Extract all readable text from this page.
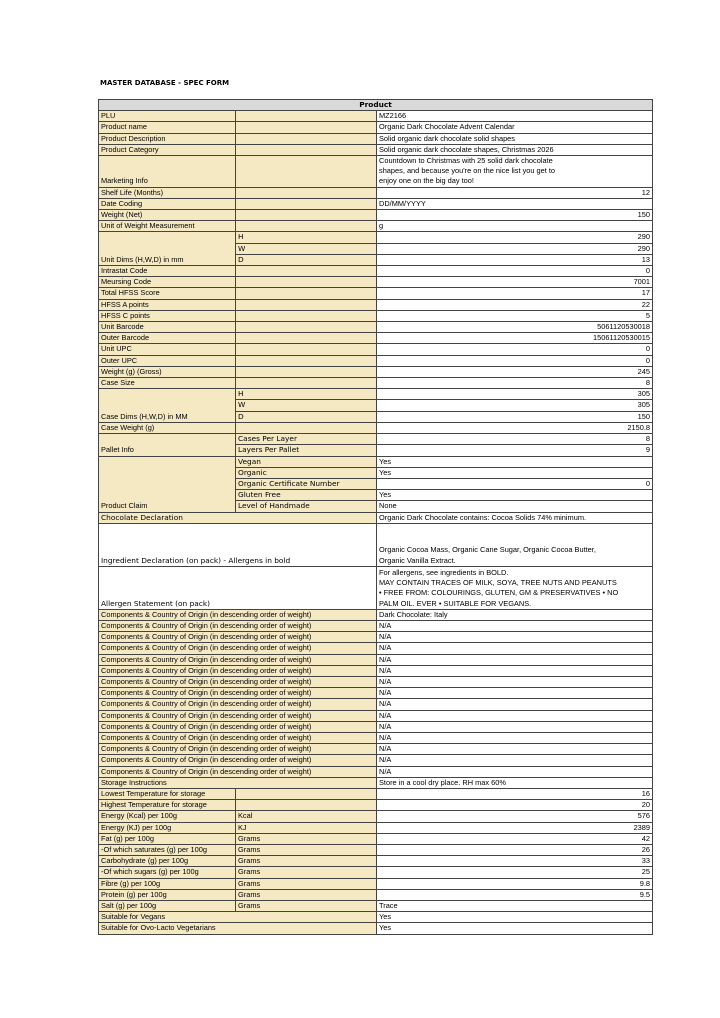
MASTER DATABASE - SPEC FORM
Product		
PLU		MZ2166
Product name		Organic Dark Chocolate Advent Calendar
Product Description		Solid organic dark chocolate solid shapes
Product Category		Solid organic dark chocolate shapes, Christmas 2026
Marketing Info		Countdown to Christmas with 25 solid dark chocolate
shapes, and because you're on the nice list you get to
enjoy one on the big day too!

Shelf Life (Months)		12
Date Coding		DD/MM/YYYY
Weight (Net)		150
Unit of Weight Measurement		g
Unit Dims (H,W,D) in mm	H	290
	W	290
	D	13
Intrastat Code		0
Meursing Code		7001
Total HFSS Score		17
HFSS A points		22
HFSS C points		5
Unit Barcode		5061120530018
Outer Barcode		15061120530015
Unit UPC		0
Outer UPC		0
Weight (g) (Gross)		245
Case Size		8
Case Dims (H,W,D) in MM	H	305
	W	305
	D	150
Case Weight (g)		2150.8
Pallet Info	Cases Per Layer	8
	Layers Per Pallet	9
Product Claim	Vegan	Yes
	Organic	Yes
	Organic Certificate Number	0
	Gluten Free	Yes
	Level of Handmade	None
Chocolate Declaration		Organic Dark Chocolate contains: Cocoa Solids 74% minimum.
Ingredient Declaration (on pack) - Allergens in bold		Organic Cocoa Mass, Organic Cane Sugar, Organic Cocoa Butter,
Organic Vanilla Extract.

Allergen Statement (on pack)		For allergens, see ingredients in BOLD.
MAY CONTAIN TRACES OF MILK, SOYA, TREE NUTS AND PEANUTS
• FREE FROM: COLOURINGS, GLUTEN, GM & PRESERVATIVES • NO
PALM OIL. EVER • SUITABLE FOR VEGANS.

Components & Country of Origin (in descending order of weight)		Dark Chocolate: Italy
Components & Country of Origin (in descending order of weight)		N/A
Components & Country of Origin (in descending order of weight)		N/A
Components & Country of Origin (in descending order of weight)		N/A
Components & Country of Origin (in descending order of weight)		N/A
Components & Country of Origin (in descending order of weight)		N/A
Components & Country of Origin (in descending order of weight)		N/A
Components & Country of Origin (in descending order of weight)		N/A
Components & Country of Origin (in descending order of weight)		N/A
Components & Country of Origin (in descending order of weight)		N/A
Components & Country of Origin (in descending order of weight)		N/A
Components & Country of Origin (in descending order of weight)		N/A
Components & Country of Origin (in descending order of weight)		N/A
Components & Country of Origin (in descending order of weight)		N/A
Components & Country of Origin (in descending order of weight)		N/A
Storage Instructions		Store in a cool dry place. RH max 60%
Lowest Temperature for storage		16
Highest Temperature for storage		20
Energy (Kcal) per 100g	Kcal	576
Energy (KJ) per 100g	KJ	2389
Fat (g) per 100g	Grams	42
-Of which saturates (g) per 100g	Grams	26
Carbohydrate (g) per 100g	Grams	33
-Of which sugars (g) per 100g	Grams	25
Fibre (g) per 100g	Grams	9.8
Protein (g) per 100g	Grams	9.5
Salt (g) per 100g	Grams	Trace
Suitable for Vegans		Yes
Suitable for Ovo-Lacto Vegetarians		Yes
